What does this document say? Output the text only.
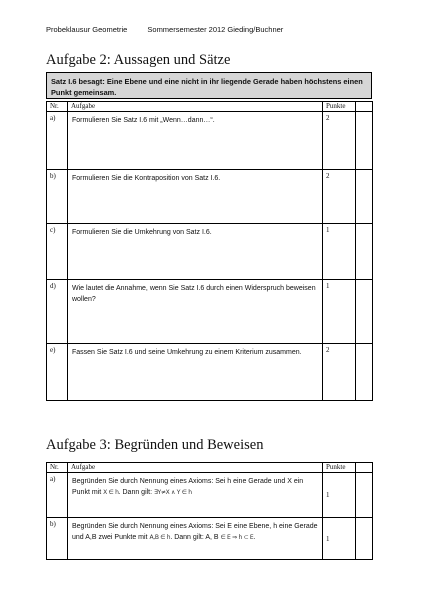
Probeklausur Geometrie	Sommersemester 2012 Gieding/Buchner
Aufgabe 2: Aussagen und Sätze
Satz I.6 besagt: Eine Ebene und eine nicht in ihr liegende Gerade haben höchstens einen Punkt gemeinsam.
Nr.	Aufgabe	Punkte	
a)	Formulieren Sie Satz I.6 mit „Wenn…dann…“.	2	
b)	Formulieren Sie die Kontraposition von Satz I.6.	2	
c)	Formulieren Sie die Umkehrung von Satz I.6.	1	
d)	Wie lautet die Annahme, wenn Sie Satz I.6 durch einen Widerspruch beweisen wollen?	1	
e)	Fassen Sie Satz I.6 und seine Umkehrung zu einem Kriterium zusammen.	2	
Aufgabe 3: Begründen und Beweisen
Nr.	Aufgabe	Punkte	
a)	Begründen Sie durch Nennung eines Axioms: Sei h eine Gerade und X ein
Punkt mit X ∈ h. Dann gilt: ∃Y≠X ∧ Y ∈ h	1	
b)	Begründen Sie durch Nennung eines Axioms: Sei E eine Ebene, h eine Gerade
und A,B zwei Punkte mit A,B ∈ h. Dann gilt: A, B ∈ E ⇒ h ⊂ E.	1	
